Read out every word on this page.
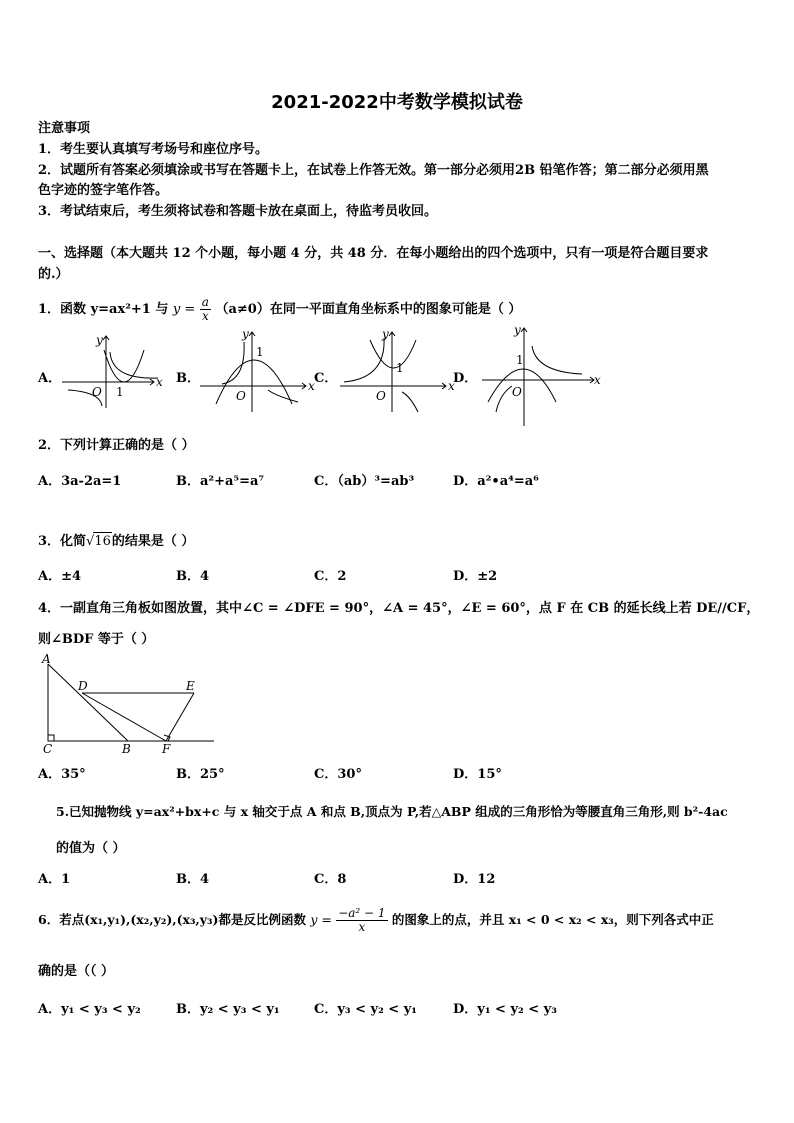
2021-2022中考数学模拟试卷
注意事项
1．考生要认真填写考场号和座位序号。
2．试题所有答案必须填涂或书写在答题卡上，在试卷上作答无效。第一部分必须用2B 铅笔作答；第二部分必须用黑
色字迹的签字笔作答。
3．考试结束后，考生须将试卷和答题卡放在桌面上，待监考员收回。
一、选择题（本大题共 12 个小题，每小题 4 分，共 48 分．在每小题给出的四个选项中，只有一项是符合题目要求
的.）
1．函数 y=ax²+1 与 $y = \frac{a}{x} (a\ne 0)$在同一平面直角坐标系中的图象可能是（ ）
A．	B．	C．	D．
y
x
O 1
y
x
O
1
y
x
O
1
y
x
O
1
2．下列计算正确的是（ ）
A．3a-2a=1	B．a²+a⁵=a⁷	C．（ab）³=ab³	D．a²•a⁴=a⁶
3．化简√16的结果是（ ）
A．±4	B．4	C．2	D．±2
4．一副直角三角板如图放置，其中∠C = ∠DFE = 90°，∠A = 45°，∠E = 60°，点 F 在 CB 的延长线上若 DE//CF，
则∠BDF 等于（ ）
A
D	E
C	B	F
A．35°	B．25°	C．30°	D．15°
5.已知抛物线 y=ax²+bx+c 与 x 轴交于点 A 和点 B,顶点为 P,若△ABP 组成的三角形恰为等腰直角三角形,则 b²-4ac
的值为（ ）
A．1	B．4	C．8	D．12
6．若点(x₁,y₁),(x₂,y₂),(x₃,y₃)都是反比例函数 $y = \frac{\text{−a² − 1}}{x}$ 的图象上的点，并且 x₁ < 0 < x₂ < x₃，则下列各式中正
确的是（（ ）
A．y₁ < y₃ < y₂	B．y₂ < y₃ < y₁	C．y₃ < y₂ < y₁	D．y₁ < y₂ < y₃
